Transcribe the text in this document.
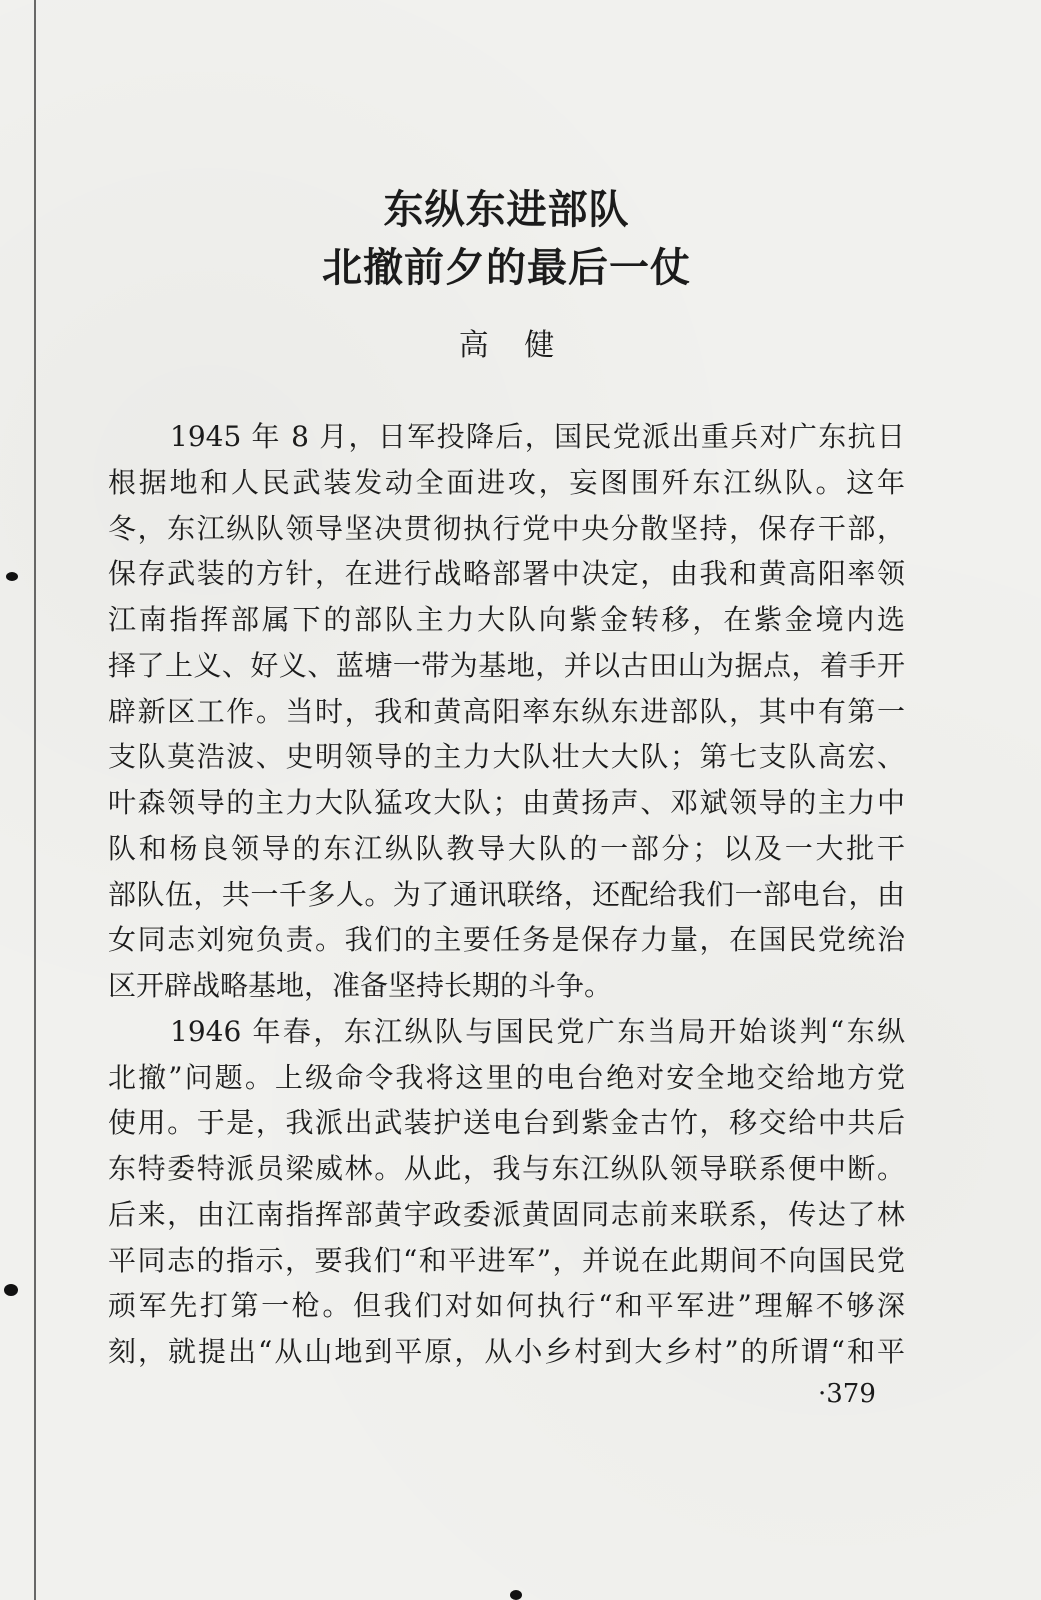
东纵东进部队
北撤前夕的最后一仗
高 健
1945 年 8 月，日军投降后，国民党派出重兵对广东抗日
根据地和人民武装发动全面进攻，妄图围歼东江纵队。这年
冬，东江纵队领导坚决贯彻执行党中央分散坚持，保存干部，
保存武装的方针，在进行战略部署中决定，由我和黄高阳率领
江南指挥部属下的部队主力大队向紫金转移，在紫金境内选
择了上义、好义、蓝塘一带为基地，并以古田山为据点，着手开
辟新区工作。当时，我和黄高阳率东纵东进部队，其中有第一
支队莫浩波、史明领导的主力大队壮大大队；第七支队高宏、
叶森领导的主力大队猛攻大队；由黄扬声、邓斌领导的主力中
队和杨良领导的东江纵队教导大队的一部分；以及一大批干
部队伍，共一千多人。为了通讯联络，还配给我们一部电台，由
女同志刘宛负责。我们的主要任务是保存力量，在国民党统治
区开辟战略基地，准备坚持长期的斗争。
1946 年春，东江纵队与国民党广东当局开始谈判“东纵
北撤”问题。上级命令我将这里的电台绝对安全地交给地方党
使用。于是，我派出武装护送电台到紫金古竹，移交给中共后
东特委特派员梁威林。从此，我与东江纵队领导联系便中断。
后来，由江南指挥部黄宇政委派黄固同志前来联系，传达了林
平同志的指示，要我们“和平进军”，并说在此期间不向国民党
顽军先打第一枪。但我们对如何执行“和平军进”理解不够深
刻，就提出“从山地到平原，从小乡村到大乡村”的所谓“和平
·379
